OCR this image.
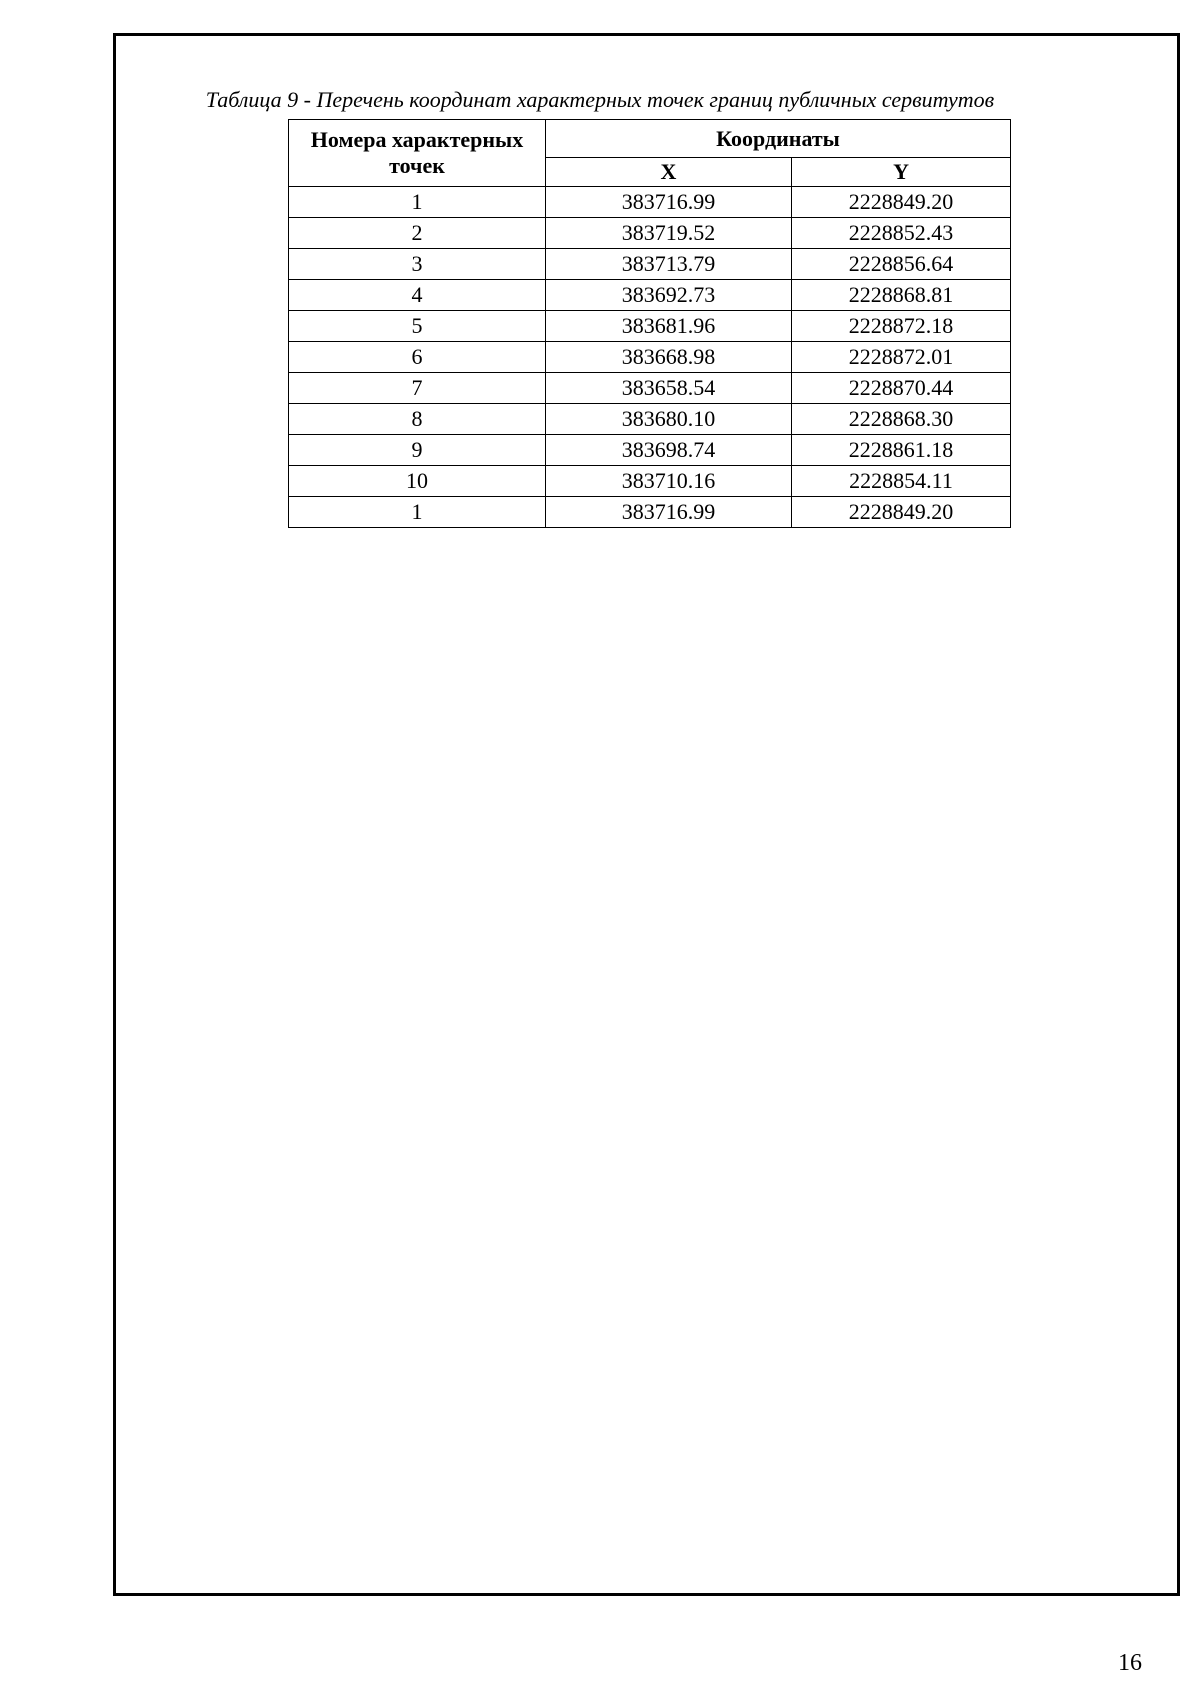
Таблица 9 - Перечень координат характерных точек границ публичных сервитутов
Номера характерных точек	Координаты	
	X	Y
1	383716.99	2228849.20
2	383719.52	2228852.43
3	383713.79	2228856.64
4	383692.73	2228868.81
5	383681.96	2228872.18
6	383668.98	2228872.01
7	383658.54	2228870.44
8	383680.10	2228868.30
9	383698.74	2228861.18
10	383710.16	2228854.11
1	383716.99	2228849.20
16
